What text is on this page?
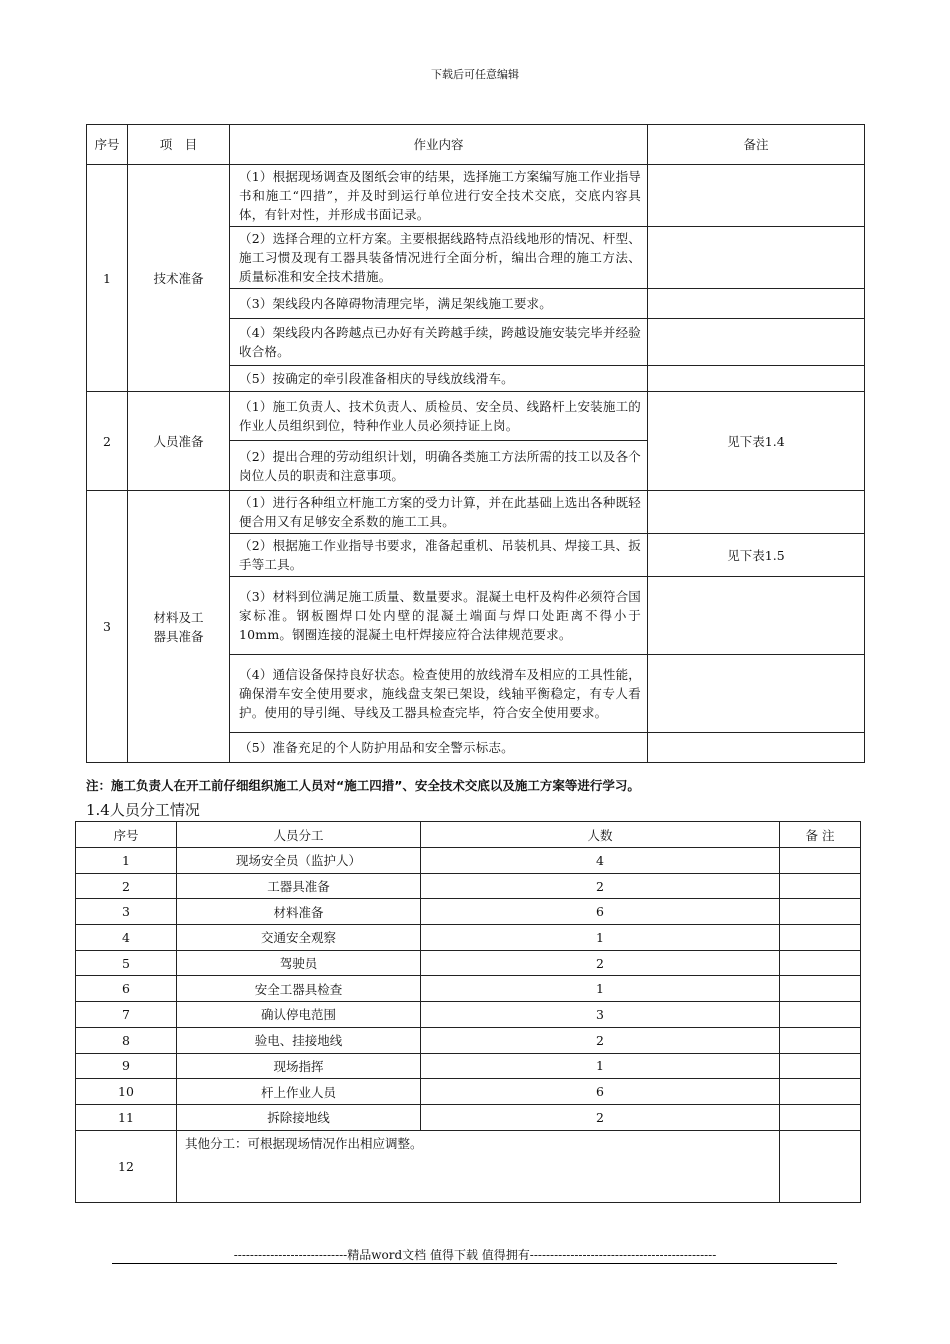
下载后可任意编辑
序号	项　目	作业内容	备注
1	技术准备	（1）根据现场调查及图纸会审的结果，选择施工方案编写施工作业指导书和施工“四措”，并及时到运行单位进行安全技术交底，交底内容具体，有针对性，并形成书面记录。	
		（2）选择合理的立杆方案。主要根据线路特点沿线地形的情况、杆型、施工习惯及现有工器具装备情况进行全面分析，编出合理的施工方法、质量标准和安全技术措施。	
		（3）架线段内各障碍物清理完毕，满足架线施工要求。	
		（4）架线段内各跨越点已办好有关跨越手续，跨越设施安装完毕并经验收合格。	
		（5）按确定的牵引段准备相庆的导线放线滑车。	
2	人员准备	（1）施工负责人、技术负责人、质检员、安全员、线路杆上安装施工的作业人员组织到位，特种作业人员必须持证上岗。	见下表1.4
		（2）提出合理的劳动组织计划，明确各类施工方法所需的技工以及各个岗位人员的职责和注意事项。	
3	材料及工
器具准备	（1）进行各种组立杆施工方案的受力计算，并在此基础上选出各种既轻便合用又有足够安全系数的施工工具。	
		（2）根据施工作业指导书要求，准备起重机、吊装机具、焊接工具、扳手等工具。	见下表1.5
		（3）材料到位满足施工质量、数量要求。混凝土电杆及构件必须符合国家标准。钢板圈焊口处内壁的混凝土端面与焊口处距离不得小于10mm。钢圈连接的混凝土电杆焊接应符合法律规范要求。	
		（4）通信设备保持良好状态。检查使用的放线滑车及相应的工具性能，确保滑车安全使用要求，施线盘支架已架设，线轴平衡稳定，有专人看护。使用的导引绳、导线及工器具检查完毕，符合安全使用要求。	
		（5）准备充足的个人防护用品和安全警示标志。	
注：施工负责人在开工前仔细组织施工人员对“施工四措”、安全技术交底以及施工方案等进行学习。
1.4人员分工情况
序号	人员分工	人数	备 注
1	现场安全员（监护人）	4	
2	工器具准备	2	
3	材料准备	6	
4	交通安全观察	1	
5	驾驶员	2	
6	安全工器具检查	1	
7	确认停电范围	3	
8	验电、挂接地线	2	
9	现场指挥	1	
10	杆上作业人员	6	
11	拆除接地线	2	
12	其他分工：可根据现场情况作出相应调整。		
----------------------------精品word文档 值得下载 值得拥有----------------------------------------------
